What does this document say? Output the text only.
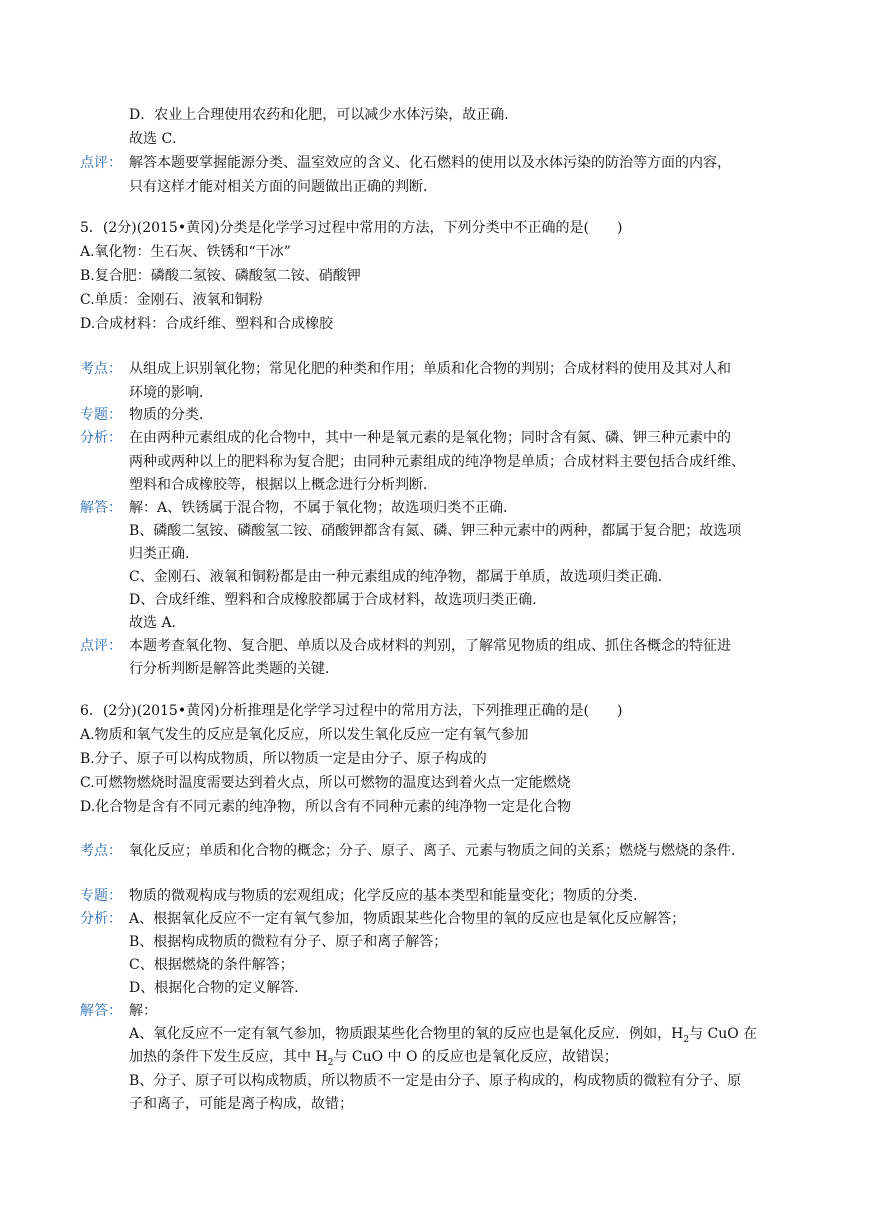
D．农业上合理使用农药和化肥，可以减少水体污染，故正确．
故选 C．
点评： 解答本题要掌握能源分类、温室效应的含义、化石燃料的使用以及水体污染的防治等方面的内容，
只有这样才能对相关方面的问题做出正确的判断．
5．(2分)(2015•黄冈)分类是化学学习过程中常用的方法，下列分类中不正确的是(　　)
A.氧化物：生石灰、铁锈和“干冰”
B.复合肥：磷酸二氢铵、磷酸氢二铵、硝酸钾
C.单质：金刚石、液氧和铜粉
D.合成材料：合成纤维、塑料和合成橡胶
考点： 从组成上识别氧化物；常见化肥的种类和作用；单质和化合物的判别；合成材料的使用及其对人和
环境的影响．
专题： 物质的分类．
分析： 在由两种元素组成的化合物中，其中一种是氧元素的是氧化物；同时含有氮、磷、钾三种元素中的
两种或两种以上的肥料称为复合肥；由同种元素组成的纯净物是单质；合成材料主要包括合成纤维、
塑料和合成橡胶等，根据以上概念进行分析判断．
解答： 解：A、铁锈属于混合物，不属于氧化物；故选项归类不正确．
B、磷酸二氢铵、磷酸氢二铵、硝酸钾都含有氮、磷、钾三种元素中的两种，都属于复合肥；故选项
归类正确．
C、金刚石、液氧和铜粉都是由一种元素组成的纯净物，都属于单质，故选项归类正确．
D、合成纤维、塑料和合成橡胶都属于合成材料，故选项归类正确．
故选 A．
点评： 本题考查氧化物、复合肥、单质以及合成材料的判别，了解常见物质的组成、抓住各概念的特征进
行分析判断是解答此类题的关键．
6．(2分)(2015•黄冈)分析推理是化学学习过程中的常用方法，下列推理正确的是(　　)
A.物质和氧气发生的反应是氧化反应，所以发生氧化反应一定有氧气参加
B.分子、原子可以构成物质，所以物质一定是由分子、原子构成的
C.可燃物燃烧时温度需要达到着火点，所以可燃物的温度达到着火点一定能燃烧
D.化合物是含有不同元素的纯净物，所以含有不同种元素的纯净物一定是化合物
考点： 氧化反应；单质和化合物的概念；分子、原子、离子、元素与物质之间的关系；燃烧与燃烧的条件．
专题： 物质的微观构成与物质的宏观组成；化学反应的基本类型和能量变化；物质的分类．
分析： A、根据氧化反应不一定有氧气参加，物质跟某些化合物里的氧的反应也是氧化反应解答；
B、根据构成物质的微粒有分子、原子和离子解答；
C、根据燃烧的条件解答；
D、根据化合物的定义解答．
解答： 解：
A、氧化反应不一定有氧气参加，物质跟某些化合物里的氧的反应也是氧化反应．例如，$H_2$与 CuO 在
加热的条件下发生反应，其中 $H_2$与 CuO 中 O 的反应也是氧化反应，故错误；
B、分子、原子可以构成物质，所以物质不一定是由分子、原子构成的，构成物质的微粒有分子、原
子和离子，可能是离子构成，故错；
